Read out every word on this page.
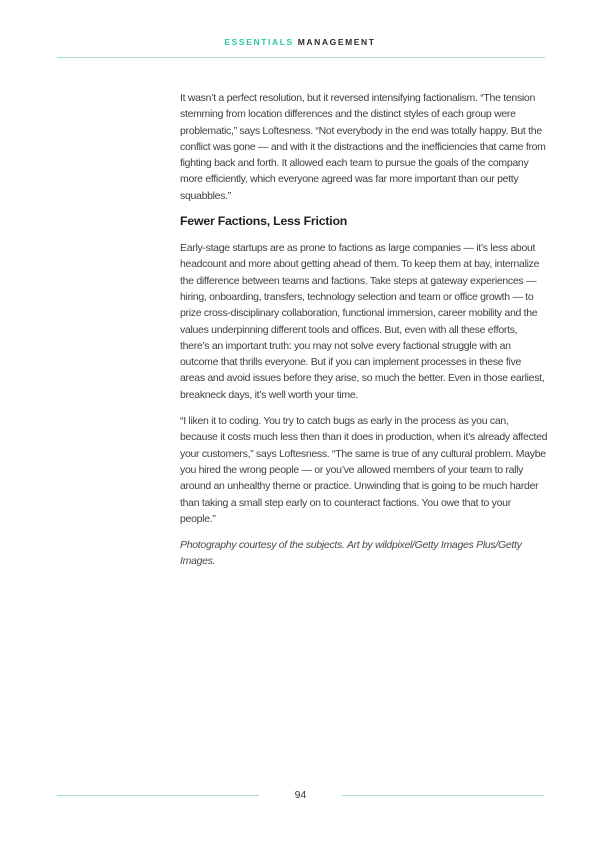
ESSENTIALS MANAGEMENT

It wasn’t a perfect resolution, but it reversed intensifying factionalism. “The tension stemming from location differences and the distinct styles of each group were problematic,” says Loftesness. “Not everybody in the end was totally happy. But the conflict was gone — and with it the distractions and the inefficiencies that came from fighting back and forth. It allowed each team to pursue the goals of the company more efficiently, which everyone agreed was far more important than our petty squabbles.”

Fewer Factions, Less Friction

Early-stage startups are as prone to factions as large companies — it’s less about headcount and more about getting ahead of them. To keep them at bay, internalize the difference between teams and factions. Take steps at gateway experiences — hiring, onboarding, transfers, technology selection and team or office growth — to prize cross-disciplinary collaboration, functional immersion, career mobility and the values underpinning different tools and offices. But, even with all these efforts, there’s an important truth: you may not solve every factional struggle with an outcome that thrills everyone. But if you can implement processes in these five areas and avoid issues before they arise, so much the better. Even in those earliest, breakneck days, it’s well worth your time.

“I liken it to coding. You try to catch bugs as early in the process as you can, because it costs much less then than it does in production, when it’s already affected your customers,” says Loftesness. “The same is true of any cultural problem. Maybe you hired the wrong people — or you’ve allowed members of your team to rally around an unhealthy theme or practice. Unwinding that is going to be much harder than taking a small step early on to counteract factions. You owe that to your people.”

Photography courtesy of the subjects. Art by wildpixel/Getty Images Plus/Getty Images.

94
